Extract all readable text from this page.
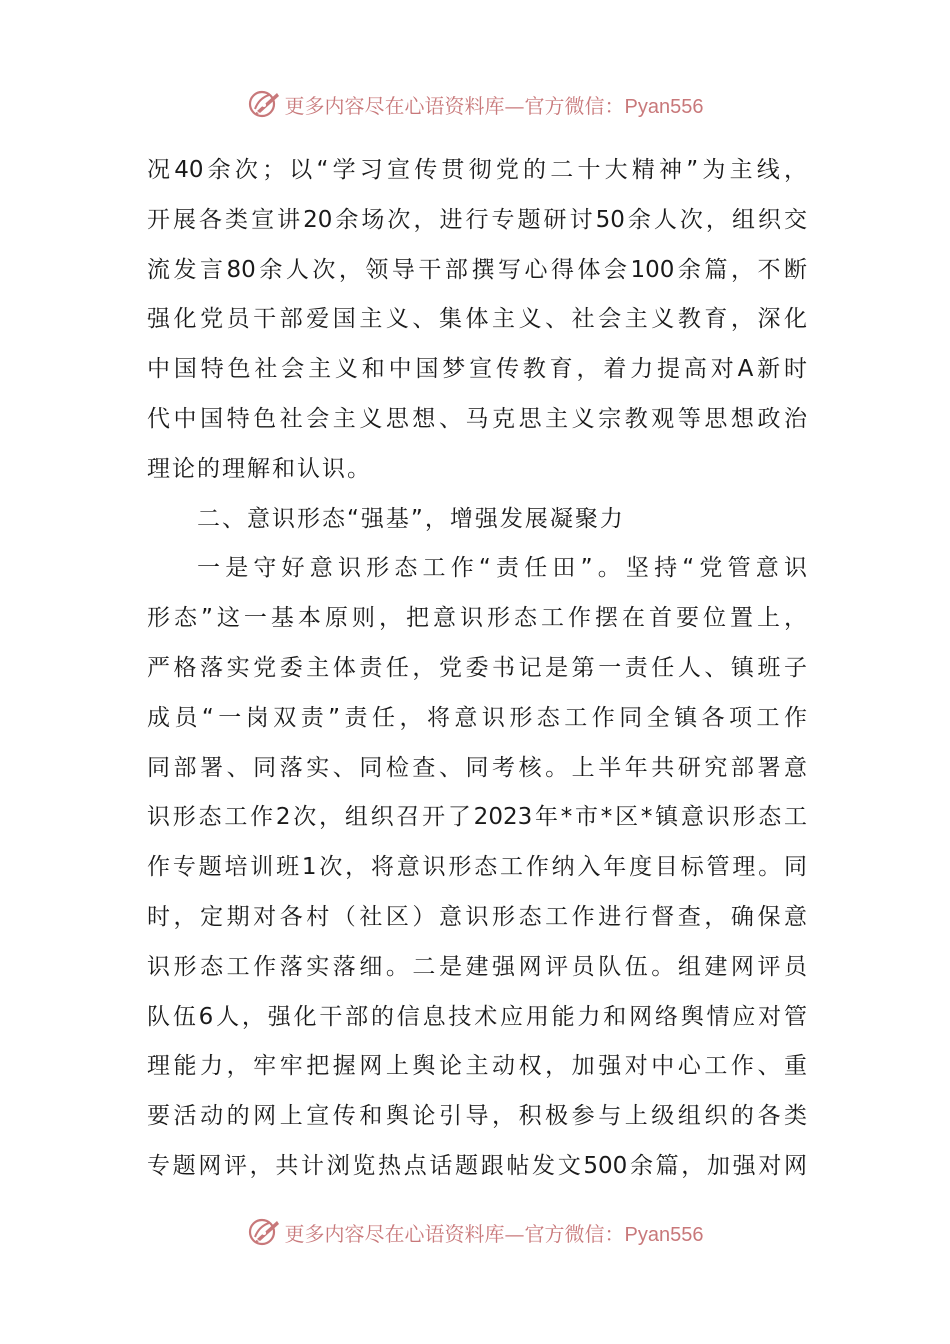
更多内容尽在心语资料库—官方微信：Pyan556
况40余次；以“学习宣传贯彻党的二十大精神”为主线，
开展各类宣讲20余场次，进行专题研讨50余人次，组织交
流发言80余人次，领导干部撰写心得体会100余篇，不断
强化党员干部爱国主义、集体主义、社会主义教育，深化
中国特色社会主义和中国梦宣传教育，着力提高对A新时
代中国特色社会主义思想、马克思主义宗教观等思想政治
理论的理解和认识。
二、意识形态“强基”，增强发展凝聚力
一是守好意识形态工作“责任田”。坚持“党管意识
形态”这一基本原则，把意识形态工作摆在首要位置上，
严格落实党委主体责任，党委书记是第一责任人、镇班子
成员“一岗双责”责任，将意识形态工作同全镇各项工作
同部署、同落实、同检查、同考核。上半年共研究部署意
识形态工作2次，组织召开了2023年*市*区*镇意识形态工
作专题培训班1次，将意识形态工作纳入年度目标管理。同
时，定期对各村（社区）意识形态工作进行督查，确保意
识形态工作落实落细。二是建强网评员队伍。组建网评员
队伍6人，强化干部的信息技术应用能力和网络舆情应对管
理能力，牢牢把握网上舆论主动权，加强对中心工作、重
要活动的网上宣传和舆论引导，积极参与上级组织的各类
专题网评，共计浏览热点话题跟帖发文500余篇，加强对网
更多内容尽在心语资料库—官方微信：Pyan556
